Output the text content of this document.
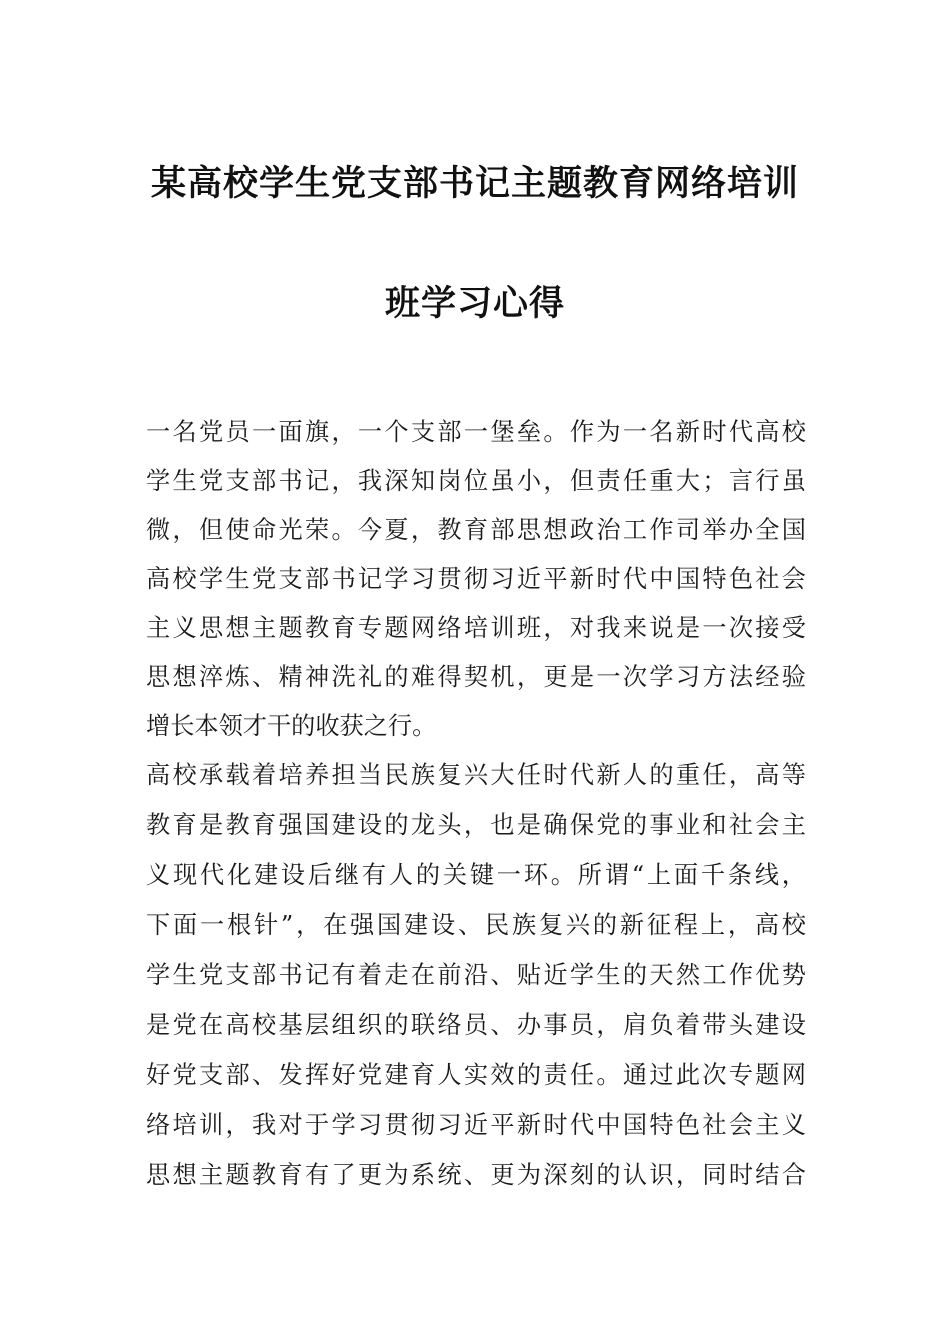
某高校学生党支部书记主题教育网络培训
班学习心得
一名党员一面旗，一个支部一堡垒。作为一名新时代高校
学生党支部书记，我深知岗位虽小，但责任重大；言行虽
微，但使命光荣。今夏，教育部思想政治工作司举办全国
高校学生党支部书记学习贯彻习近平新时代中国特色社会
主义思想主题教育专题网络培训班，对我来说是一次接受
思想淬炼、精神洗礼的难得契机，更是一次学习方法经验
增长本领才干的收获之行。
高校承载着培养担当民族复兴大任时代新人的重任，高等
教育是教育强国建设的龙头，也是确保党的事业和社会主
义现代化建设后继有人的关键一环。所谓“上面千条线，
下面一根针”，在强国建设、民族复兴的新征程上，高校
学生党支部书记有着走在前沿、贴近学生的天然工作优势
是党在高校基层组织的联络员、办事员，肩负着带头建设
好党支部、发挥好党建育人实效的责任。通过此次专题网
络培训，我对于学习贯彻习近平新时代中国特色社会主义
思想主题教育有了更为系统、更为深刻的认识，同时结合
